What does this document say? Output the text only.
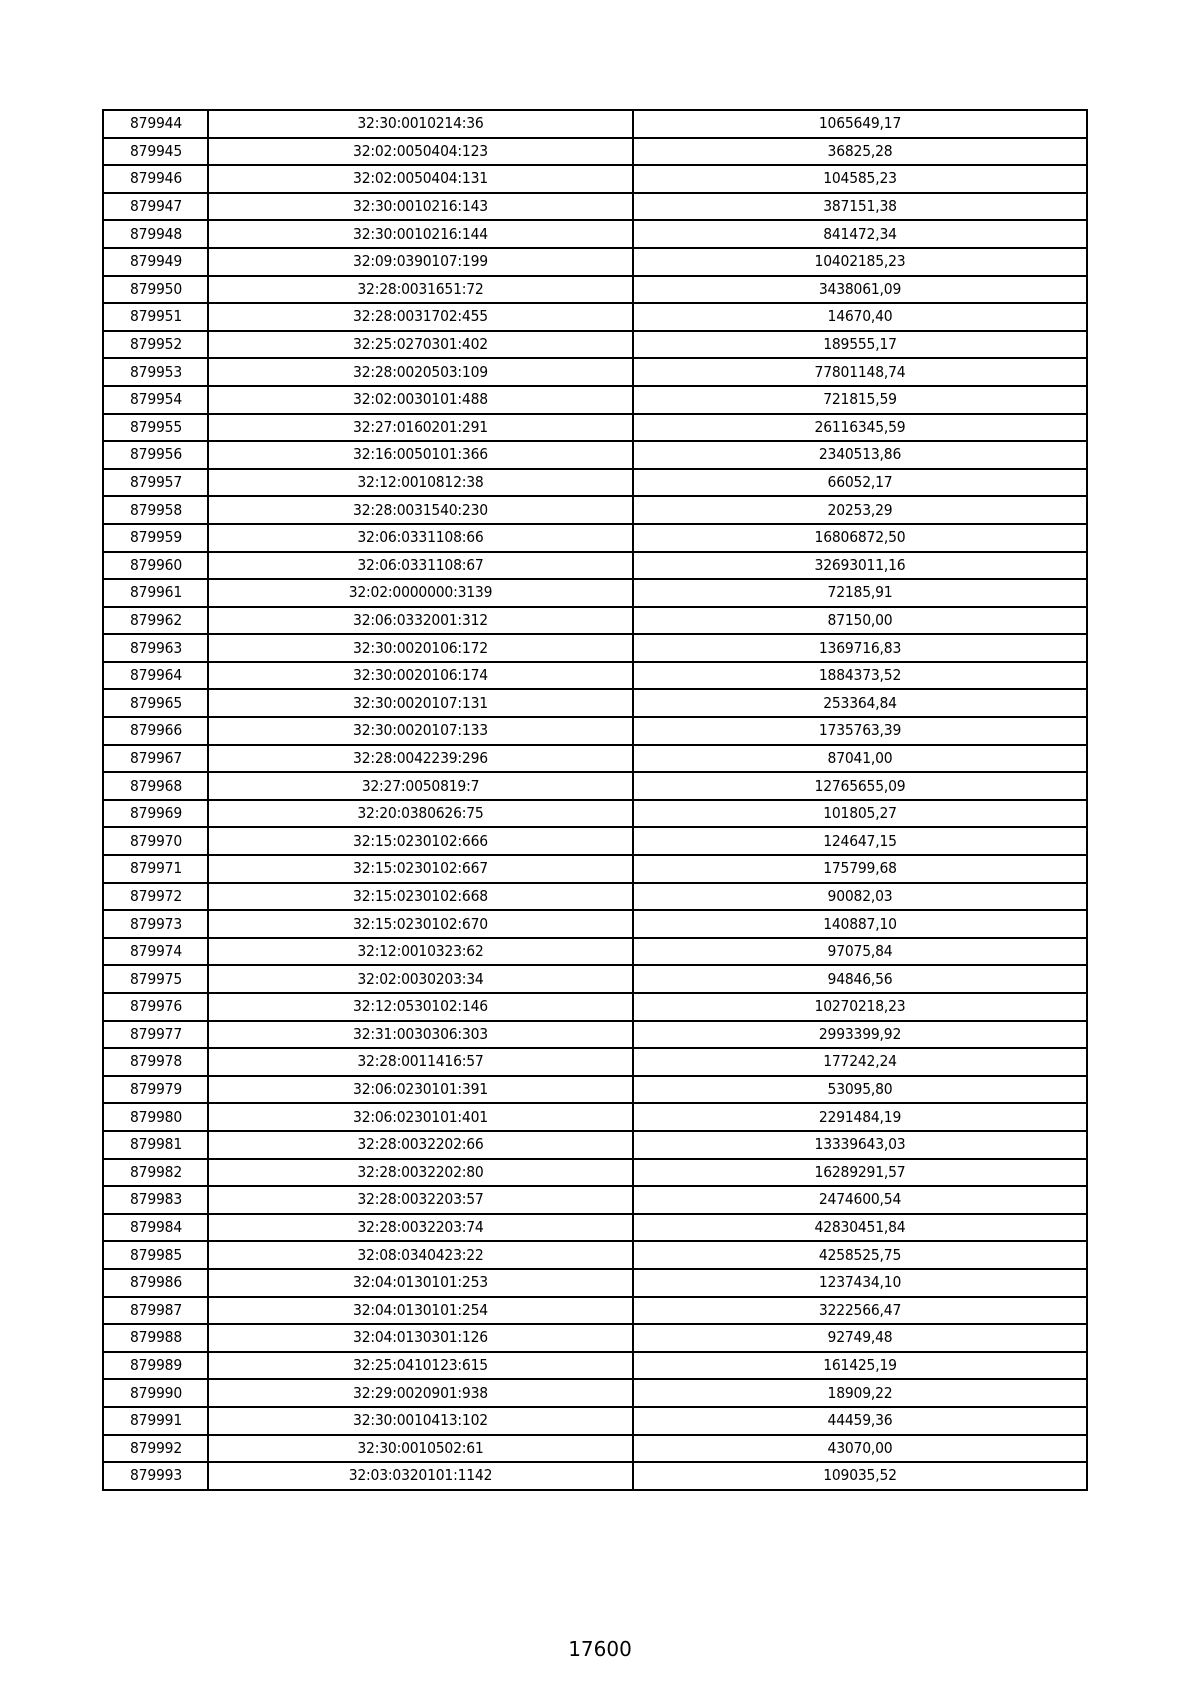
879944	32:30:0010214:36	1065649,17
879945	32:02:0050404:123	36825,28
879946	32:02:0050404:131	104585,23
879947	32:30:0010216:143	387151,38
879948	32:30:0010216:144	841472,34
879949	32:09:0390107:199	10402185,23
879950	32:28:0031651:72	3438061,09
879951	32:28:0031702:455	14670,40
879952	32:25:0270301:402	189555,17
879953	32:28:0020503:109	77801148,74
879954	32:02:0030101:488	721815,59
879955	32:27:0160201:291	26116345,59
879956	32:16:0050101:366	2340513,86
879957	32:12:0010812:38	66052,17
879958	32:28:0031540:230	20253,29
879959	32:06:0331108:66	16806872,50
879960	32:06:0331108:67	32693011,16
879961	32:02:0000000:3139	72185,91
879962	32:06:0332001:312	87150,00
879963	32:30:0020106:172	1369716,83
879964	32:30:0020106:174	1884373,52
879965	32:30:0020107:131	253364,84
879966	32:30:0020107:133	1735763,39
879967	32:28:0042239:296	87041,00
879968	32:27:0050819:7	12765655,09
879969	32:20:0380626:75	101805,27
879970	32:15:0230102:666	124647,15
879971	32:15:0230102:667	175799,68
879972	32:15:0230102:668	90082,03
879973	32:15:0230102:670	140887,10
879974	32:12:0010323:62	97075,84
879975	32:02:0030203:34	94846,56
879976	32:12:0530102:146	10270218,23
879977	32:31:0030306:303	2993399,92
879978	32:28:0011416:57	177242,24
879979	32:06:0230101:391	53095,80
879980	32:06:0230101:401	2291484,19
879981	32:28:0032202:66	13339643,03
879982	32:28:0032202:80	16289291,57
879983	32:28:0032203:57	2474600,54
879984	32:28:0032203:74	42830451,84
879985	32:08:0340423:22	4258525,75
879986	32:04:0130101:253	1237434,10
879987	32:04:0130101:254	3222566,47
879988	32:04:0130301:126	92749,48
879989	32:25:0410123:615	161425,19
879990	32:29:0020901:938	18909,22
879991	32:30:0010413:102	44459,36
879992	32:30:0010502:61	43070,00
879993	32:03:0320101:1142	109035,52
17600
